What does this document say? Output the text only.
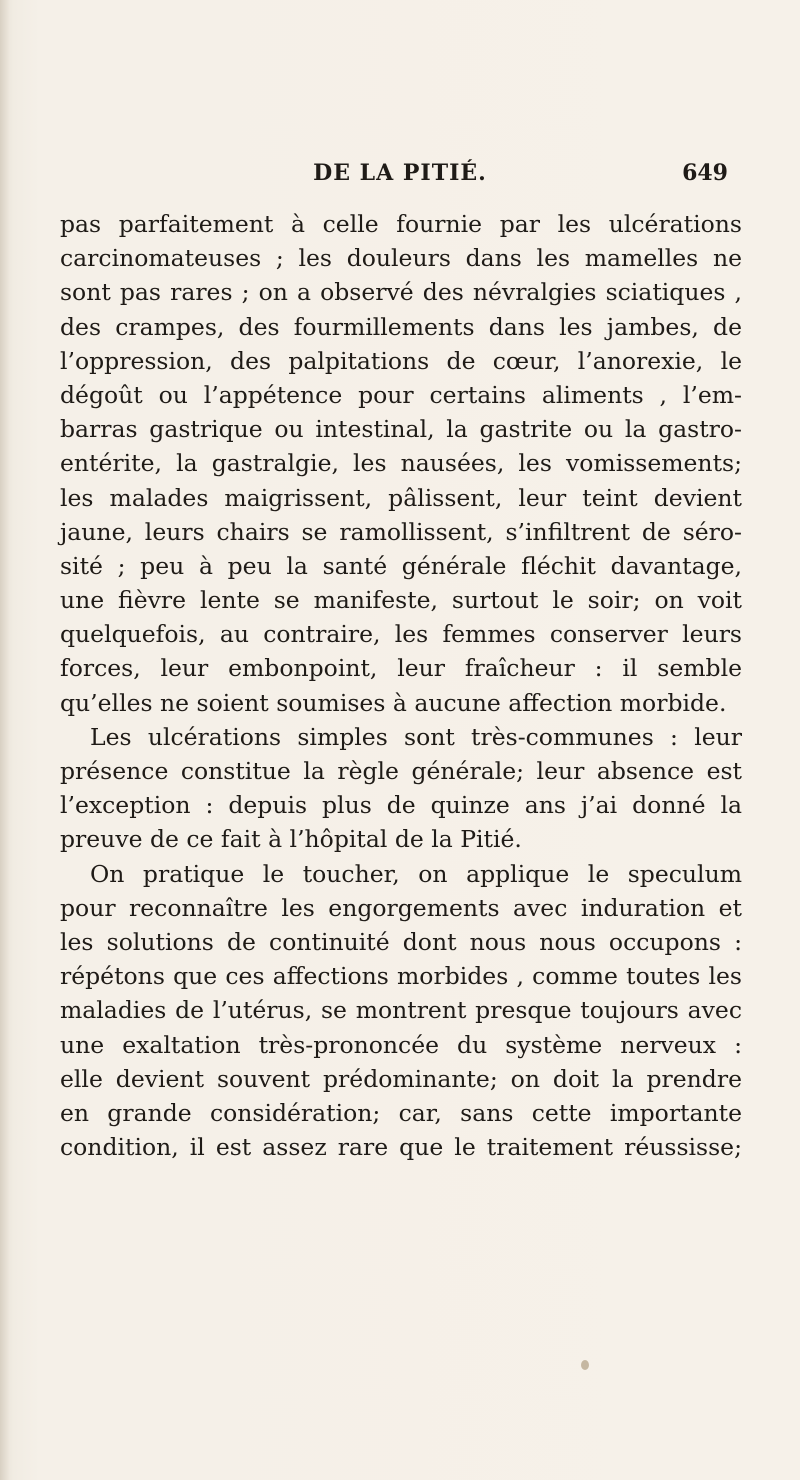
DE LA PITIÉ.	649
pas parfaitement à celle fournie par les ulcérations
carcinomateuses ; les douleurs dans les mamelles ne
sont pas rares ; on a observé des névralgies sciatiques ,
des crampes, des fourmillements dans les jambes, de
l’oppression, des palpitations de cœur, l’anorexie, le
dégoût ou l’appétence pour certains aliments , l’em-
barras gastrique ou intestinal, la gastrite ou la gastro-
entérite, la gastralgie, les nausées, les vomissements;
les malades maigrissent, pâlissent, leur teint devient
jaune, leurs chairs se ramollissent, s’infiltrent de séro-
sité ; peu à peu la santé générale fléchit davantage,
une fièvre lente se manifeste, surtout le soir; on voit
quelquefois, au contraire, les femmes conserver leurs
forces, leur embonpoint, leur fraîcheur : il semble
qu’elles ne soient soumises à aucune affection morbide.
Les ulcérations simples sont très-communes : leur
présence constitue la règle générale; leur absence est
l’exception : depuis plus de quinze ans j’ai donné la
preuve de ce fait à l’hôpital de la Pitié.
On pratique le toucher, on applique le speculum
pour reconnaître les engorgements avec induration et
les solutions de continuité dont nous nous occupons :
répétons que ces affections morbides , comme toutes les
maladies de l’utérus, se montrent presque toujours avec
une exaltation très-prononcée du système nerveux :
elle devient souvent prédominante; on doit la prendre
en grande considération; car, sans cette importante
condition, il est assez rare que le traitement réussisse;
